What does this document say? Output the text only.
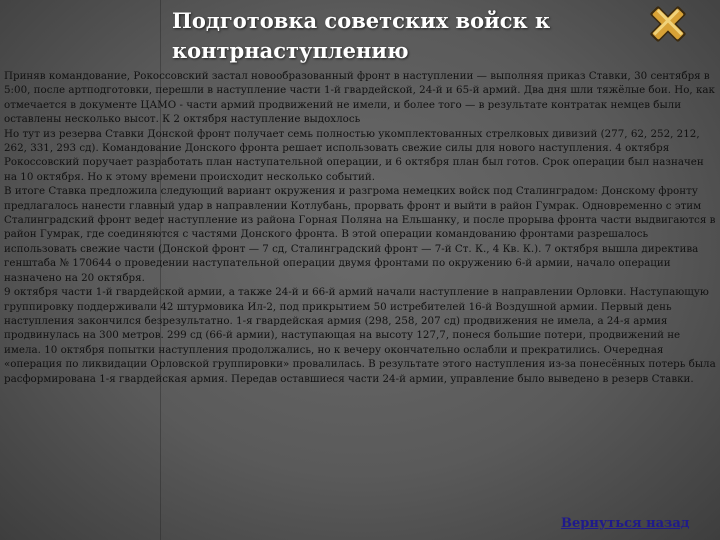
Подготовка советских войск к контрнаступлению

Приняв командование, Рокоссовский застал новообразованный фронт в наступлении — выполняя приказ Ставки, 30 сентября в 5:00, после артподготовки, перешли в наступление части 1-й гвардейской, 24-й и 65-й армий. Два дня шли тяжёлые бои. Но, как отмечается в документе ЦАМО - части армий продвижений не имели, и более того — в результате контратак немцев были оставлены несколько высот. К 2 октября наступление выдохлось

Но тут из резерва Ставки Донской фронт получает семь полностью укомплектованных стрелковых дивизий (277, 62, 252, 212, 262, 331, 293 сд). Командование Донского фронта решает использовать свежие силы для нового наступления. 4 октября Рокоссовский поручает разработать план наступательной операции, и 6 октября план был готов. Срок операции был назначен на 10 октября. Но к этому времени происходит несколько событий.

В итоге Ставка предложила следующий вариант окружения и разгрома немецких войск под Сталинградом: Донскому фронту предлагалось нанести главный удар в направлении Котлубань, прорвать фронт и выйти в район Гумрак. Одновременно с этим Сталинградский фронт ведет наступление из района Горная Поляна на Ельшанку, и после прорыва фронта части выдвигаются в район Гумрак, где соединяются с частями Донского фронта. В этой операции командованию фронтами разрешалось использовать свежие части (Донской фронт — 7 сд, Сталинградский фронт — 7-й Ст. К., 4 Кв. К.). 7 октября вышла директива генштаба № 170644 о проведении наступательной операции двумя фронтами по окружению 6-й армии, начало операции назначено на 20 октября.

9 октября части 1-й гвардейской армии, а также 24-й и 66-й армий начали наступление в направлении Орловки. Наступающую группировку поддерживали 42 штурмовика Ил-2, под прикрытием 50 истребителей 16-й Воздушной армии. Первый день наступления закончился безрезультатно. 1-я гвардейская армия (298, 258, 207 сд) продвижения не имела, а 24-я армия продвинулась на 300 метров. 299 сд (66-й армии), наступающая на высоту 127,7, понеся большие потери, продвижений не имела. 10 октября попытки наступления продолжались, но к вечеру окончательно ослабли и прекратились. Очередная «операция по ликвидации Орловской группировки» провалилась. В результате этого наступления из-за понесённых потерь была расформирована 1-я гвардейская армия. Передав оставшиеся части 24-й армии, управление было выведено в резерв Ставки.

Вернуться назад
